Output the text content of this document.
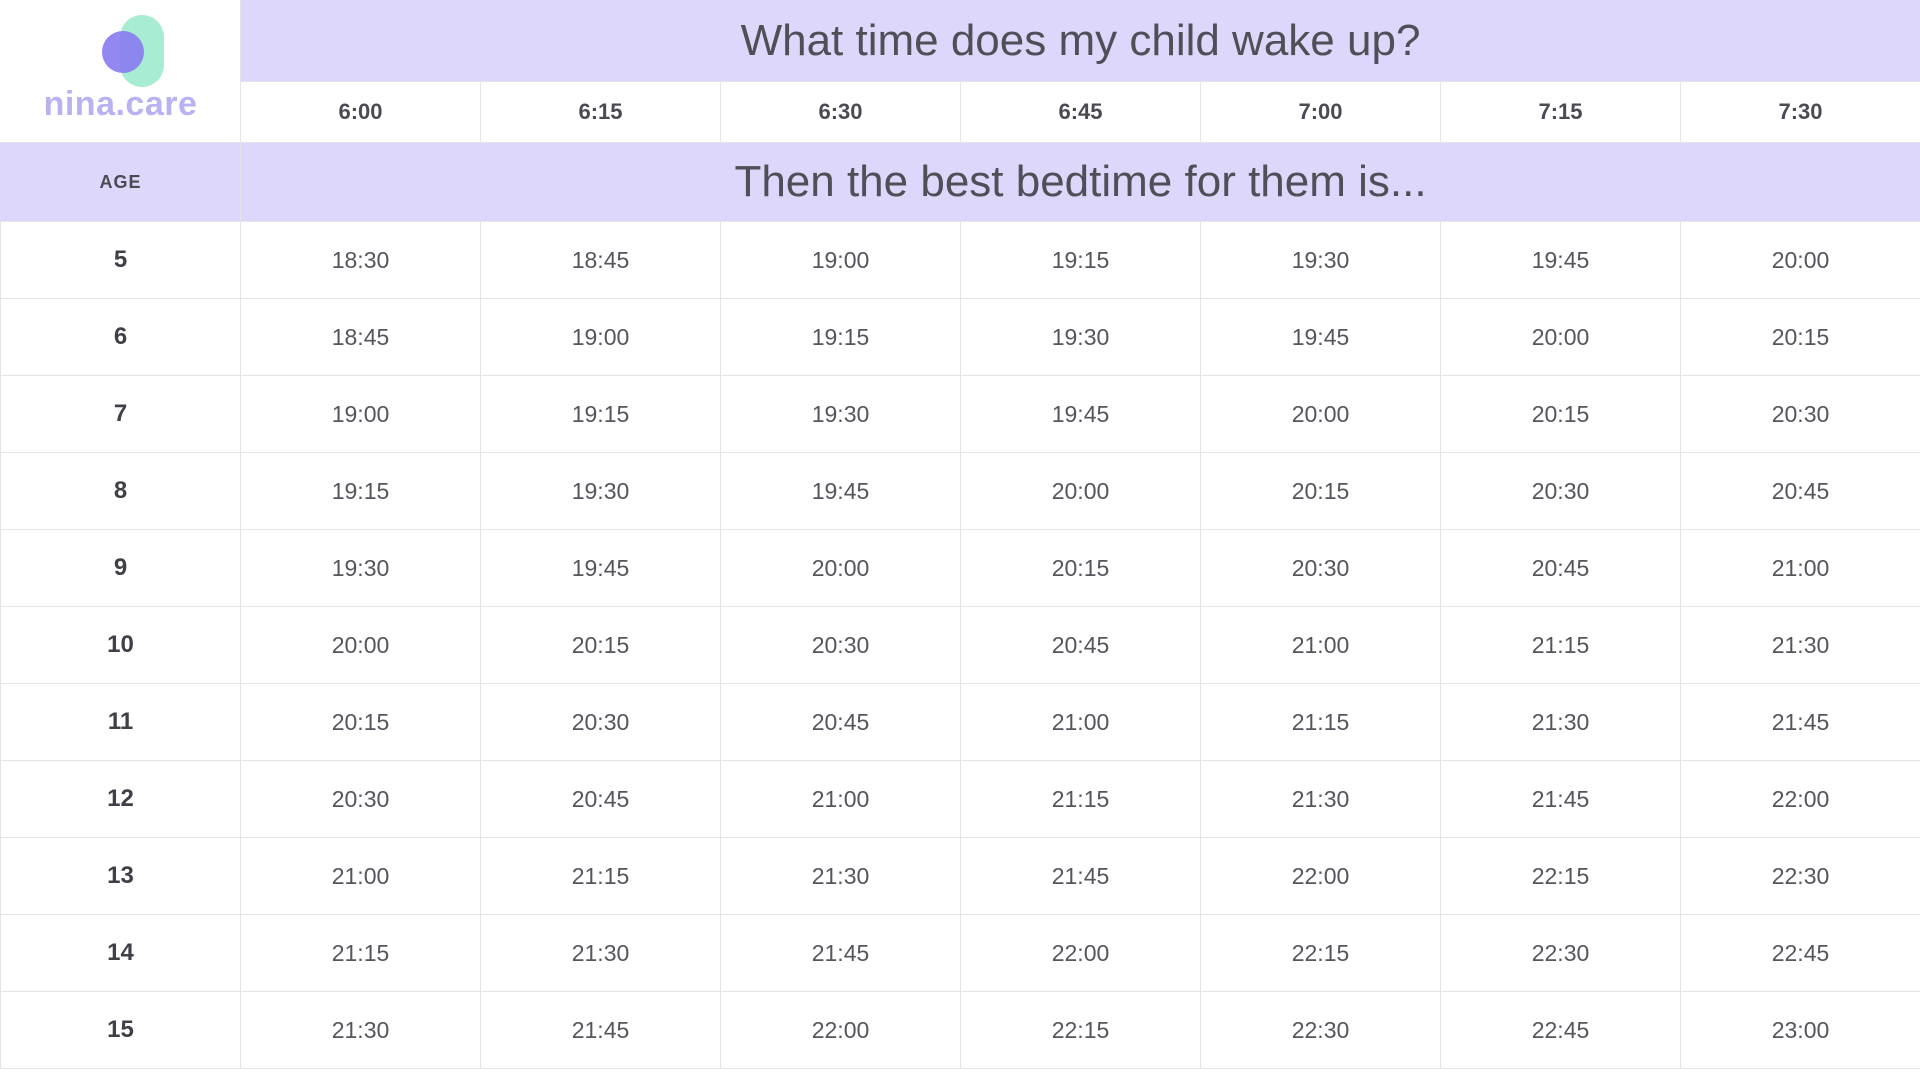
nina.care	What time does my child wake up?						
	6:00	6:15	6:30	6:45	7:00	7:15	7:30
AGE	Then the best bedtime for them is...						
5	18:30	18:45	19:00	19:15	19:30	19:45	20:00
6	18:45	19:00	19:15	19:30	19:45	20:00	20:15
7	19:00	19:15	19:30	19:45	20:00	20:15	20:30
8	19:15	19:30	19:45	20:00	20:15	20:30	20:45
9	19:30	19:45	20:00	20:15	20:30	20:45	21:00
10	20:00	20:15	20:30	20:45	21:00	21:15	21:30
11	20:15	20:30	20:45	21:00	21:15	21:30	21:45
12	20:30	20:45	21:00	21:15	21:30	21:45	22:00
13	21:00	21:15	21:30	21:45	22:00	22:15	22:30
14	21:15	21:30	21:45	22:00	22:15	22:30	22:45
15	21:30	21:45	22:00	22:15	22:30	22:45	23:00
